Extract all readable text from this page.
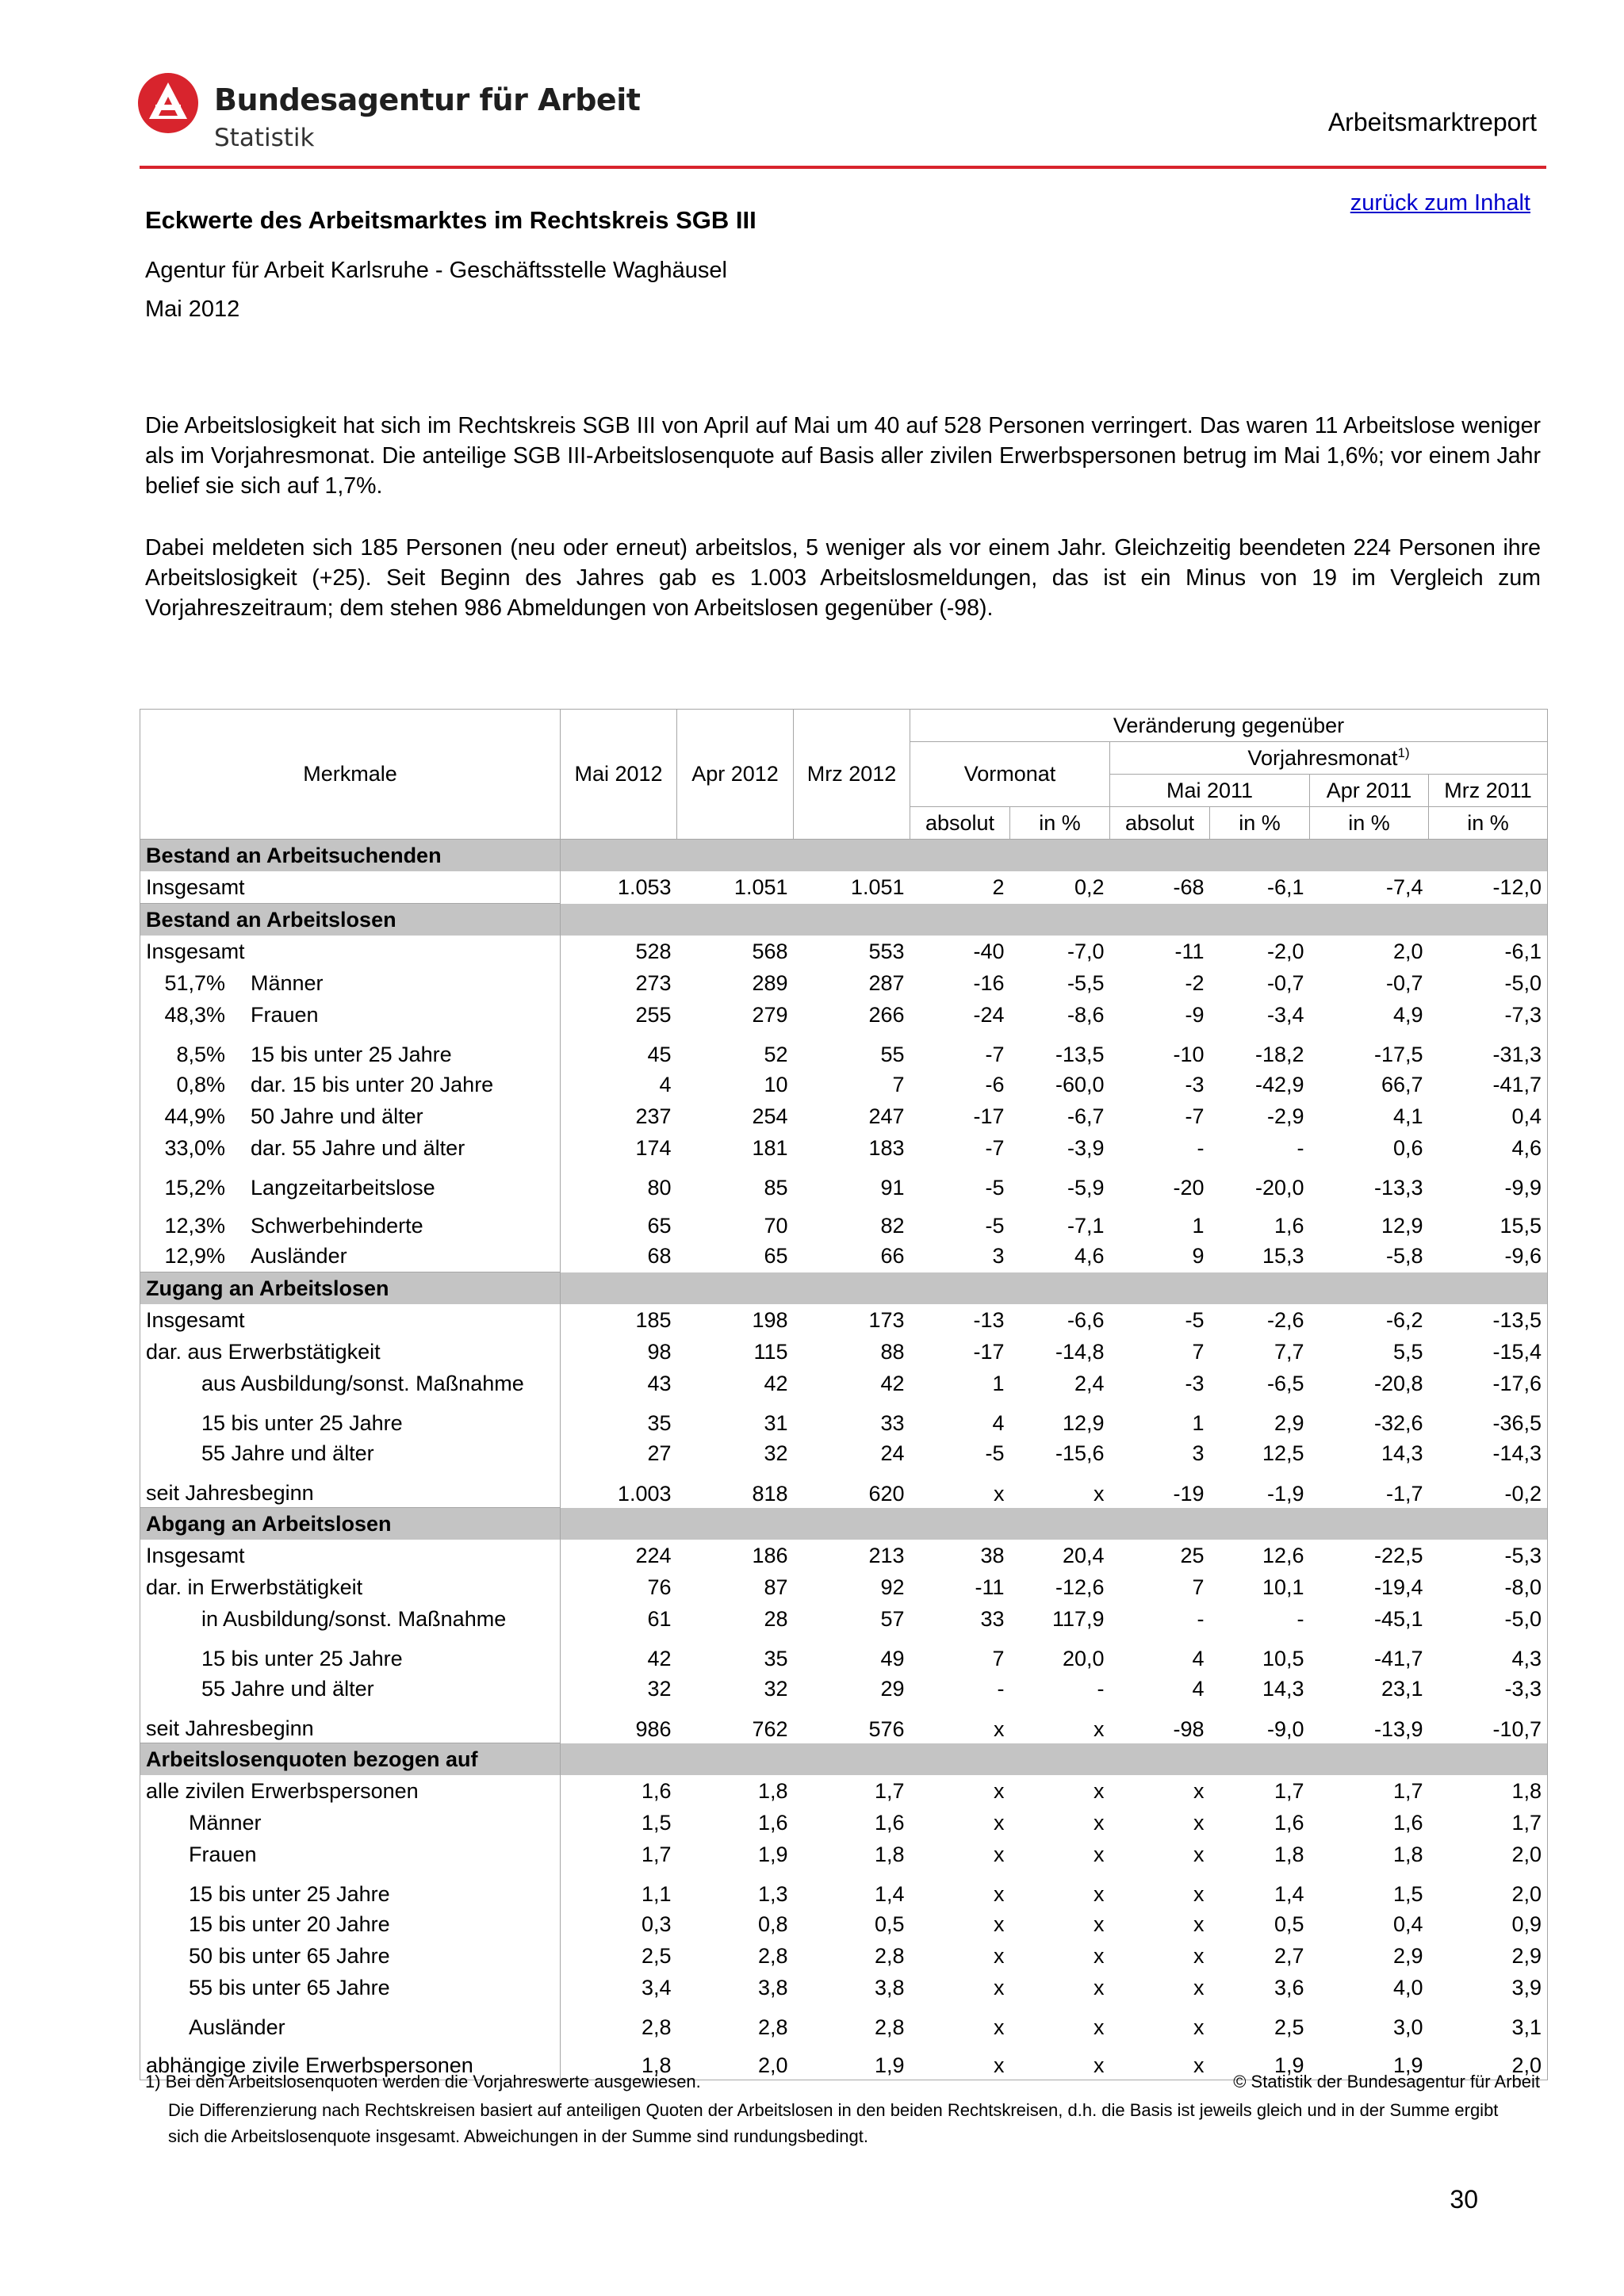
Bundesagentur für Arbeit
Statistik
Arbeitsmarktreport
zurück zum Inhalt
Eckwerte des Arbeitsmarktes im Rechtskreis SGB III
Agentur für Arbeit Karlsruhe - Geschäftsstelle Waghäusel
Mai 2012
Die Arbeitslosigkeit hat sich im Rechtskreis SGB III von April auf Mai um 40 auf 528 Personen verringert. Das waren 11 Arbeitslose weniger als im Vorjahresmonat. Die anteilige SGB III-Arbeitslosenquote auf Basis aller zivilen Erwerbspersonen betrug im Mai 1,6%; vor einem Jahr belief sie sich auf 1,7%.
Dabei meldeten sich 185 Personen (neu oder erneut) arbeitslos, 5 weniger als vor einem Jahr. Gleichzeitig beendeten 224 Personen ihre Arbeitslosigkeit (+25). Seit Beginn des Jahres gab es 1.003 Arbeitslosmeldungen, das ist ein Minus von 19 im Vergleich zum Vorjahreszeitraum; dem stehen 986 Abmeldungen von Arbeitslosen gegenüber (-98).
Merkmale	Mai 2012	Apr 2012	Mrz 2012	Veränderung gegenüber					
				Vormonat		Vorjahresmonat$^{1)}$
						Mai 2011		Apr 2011	Mrz 2011
				absolut	in %	absolut	in %	in %	in %
Bestand an Arbeitsuchenden									
Insgesamt	1.053	1.051	1.051	2	0,2	-68	-6,1	-7,4	-12,0
Bestand an Arbeitslosen									
Insgesamt	528	568	553	-40	-7,0	-11	-2,0	2,0	-6,1
51,7% Männer	273	289	287	-16	-5,5	-2	-0,7	-0,7	-5,0
48,3% Frauen	255	279	266	-24	-8,6	-9	-3,4	4,9	-7,3
8,5% 15 bis unter 25 Jahre	45	52	55	-7	-13,5	-10	-18,2	-17,5	-31,3
0,8% dar. 15 bis unter 20 Jahre	4	10	7	-6	-60,0	-3	-42,9	66,7	-41,7
44,9% 50 Jahre und älter	237	254	247	-17	-6,7	-7	-2,9	4,1	0,4
33,0% dar. 55 Jahre und älter	174	181	183	-7	-3,9	-	-	0,6	4,6
15,2% Langzeitarbeitslose	80	85	91	-5	-5,9	-20	-20,0	-13,3	-9,9
12,3% Schwerbehinderte	65	70	82	-5	-7,1	1	1,6	12,9	15,5
12,9% Ausländer	68	65	66	3	4,6	9	15,3	-5,8	-9,6
Zugang an Arbeitslosen									
Insgesamt	185	198	173	-13	-6,6	-5	-2,6	-6,2	-13,5
dar. aus Erwerbstätigkeit	98	115	88	-17	-14,8	7	7,7	5,5	-15,4
aus Ausbildung/sonst. Maßnahme	43	42	42	1	2,4	-3	-6,5	-20,8	-17,6
15 bis unter 25 Jahre	35	31	33	4	12,9	1	2,9	-32,6	-36,5
55 Jahre und älter	27	32	24	-5	-15,6	3	12,5	14,3	-14,3
seit Jahresbeginn	1.003	818	620	x	x	-19	-1,9	-1,7	-0,2
Abgang an Arbeitslosen									
Insgesamt	224	186	213	38	20,4	25	12,6	-22,5	-5,3
dar. in Erwerbstätigkeit	76	87	92	-11	-12,6	7	10,1	-19,4	-8,0
in Ausbildung/sonst. Maßnahme	61	28	57	33	117,9	-	-	-45,1	-5,0
15 bis unter 25 Jahre	42	35	49	7	20,0	4	10,5	-41,7	4,3
55 Jahre und älter	32	32	29	-	-	4	14,3	23,1	-3,3
seit Jahresbeginn	986	762	576	x	x	-98	-9,0	-13,9	-10,7
Arbeitslosenquoten bezogen auf									
alle zivilen Erwerbspersonen	1,6	1,8	1,7	x	x	x	1,7	1,7	1,8
Männer	1,5	1,6	1,6	x	x	x	1,6	1,6	1,7
Frauen	1,7	1,9	1,8	x	x	x	1,8	1,8	2,0
15 bis unter 25 Jahre	1,1	1,3	1,4	x	x	x	1,4	1,5	2,0
15 bis unter 20 Jahre	0,3	0,8	0,5	x	x	x	0,5	0,4	0,9
50 bis unter 65 Jahre	2,5	2,8	2,8	x	x	x	2,7	2,9	2,9
55 bis unter 65 Jahre	3,4	3,8	3,8	x	x	x	3,6	4,0	3,9
Ausländer	2,8	2,8	2,8	x	x	x	2,5	3,0	3,1
abhängige zivile Erwerbspersonen	1,8	2,0	1,9	x	x	x	1,9	1,9	2,0
1) Bei den Arbeitslosenquoten werden die Vorjahreswerte ausgewiesen.	© Statistik der Bundesagentur für Arbeit
Die Differenzierung nach Rechtskreisen basiert auf anteiligen Quoten der Arbeitslosen in den beiden Rechtskreisen, d.h. die Basis ist jeweils gleich und in der Summe ergibt sich die Arbeitslosenquote insgesamt. Abweichungen in der Summe sind rundungsbedingt.
30
